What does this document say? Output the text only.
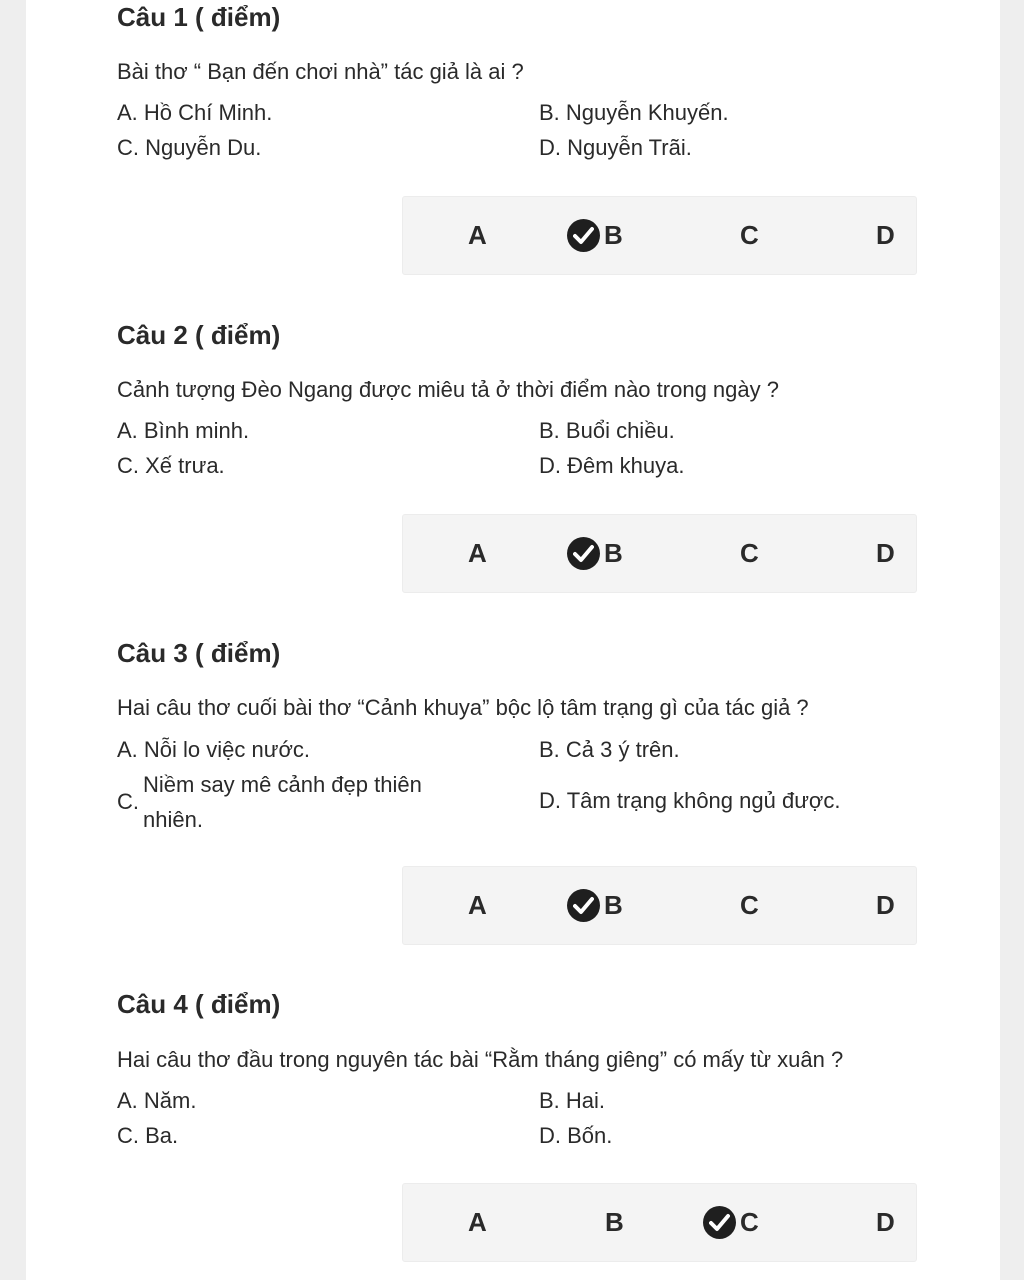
Câu 1 ( điểm)
Bài thơ “ Bạn đến chơi nhà” tác giả là ai ?
A. Hồ Chí Minh.	B. Nguyễn Khuyến.
C. Nguyễn Du.	D. Nguyễn Trãi.
A	B	C	D
Câu 2 ( điểm)
Cảnh tượng Đèo Ngang được miêu tả ở thời điểm nào trong ngày ?
A. Bình minh.	B. Buổi chiều.
C. Xế trưa.	D. Đêm khuya.
A	B	C	D
Câu 3 ( điểm)
Hai câu thơ cuối bài thơ “Cảnh khuya” bộc lộ tâm trạng gì của tác giả ?
A. Nỗi lo việc nước.	B. Cả 3 ý trên.
C.
Niềm say mê cảnh đẹp thiên nhiên.
D. Tâm trạng không ngủ được.
A	B	C	D
Câu 4 ( điểm)
Hai câu thơ đầu trong nguyên tác bài “Rằm tháng giêng” có mấy từ xuân ?
A. Năm.	B. Hai.
C. Ba.	D. Bốn.
A	B	C	D
